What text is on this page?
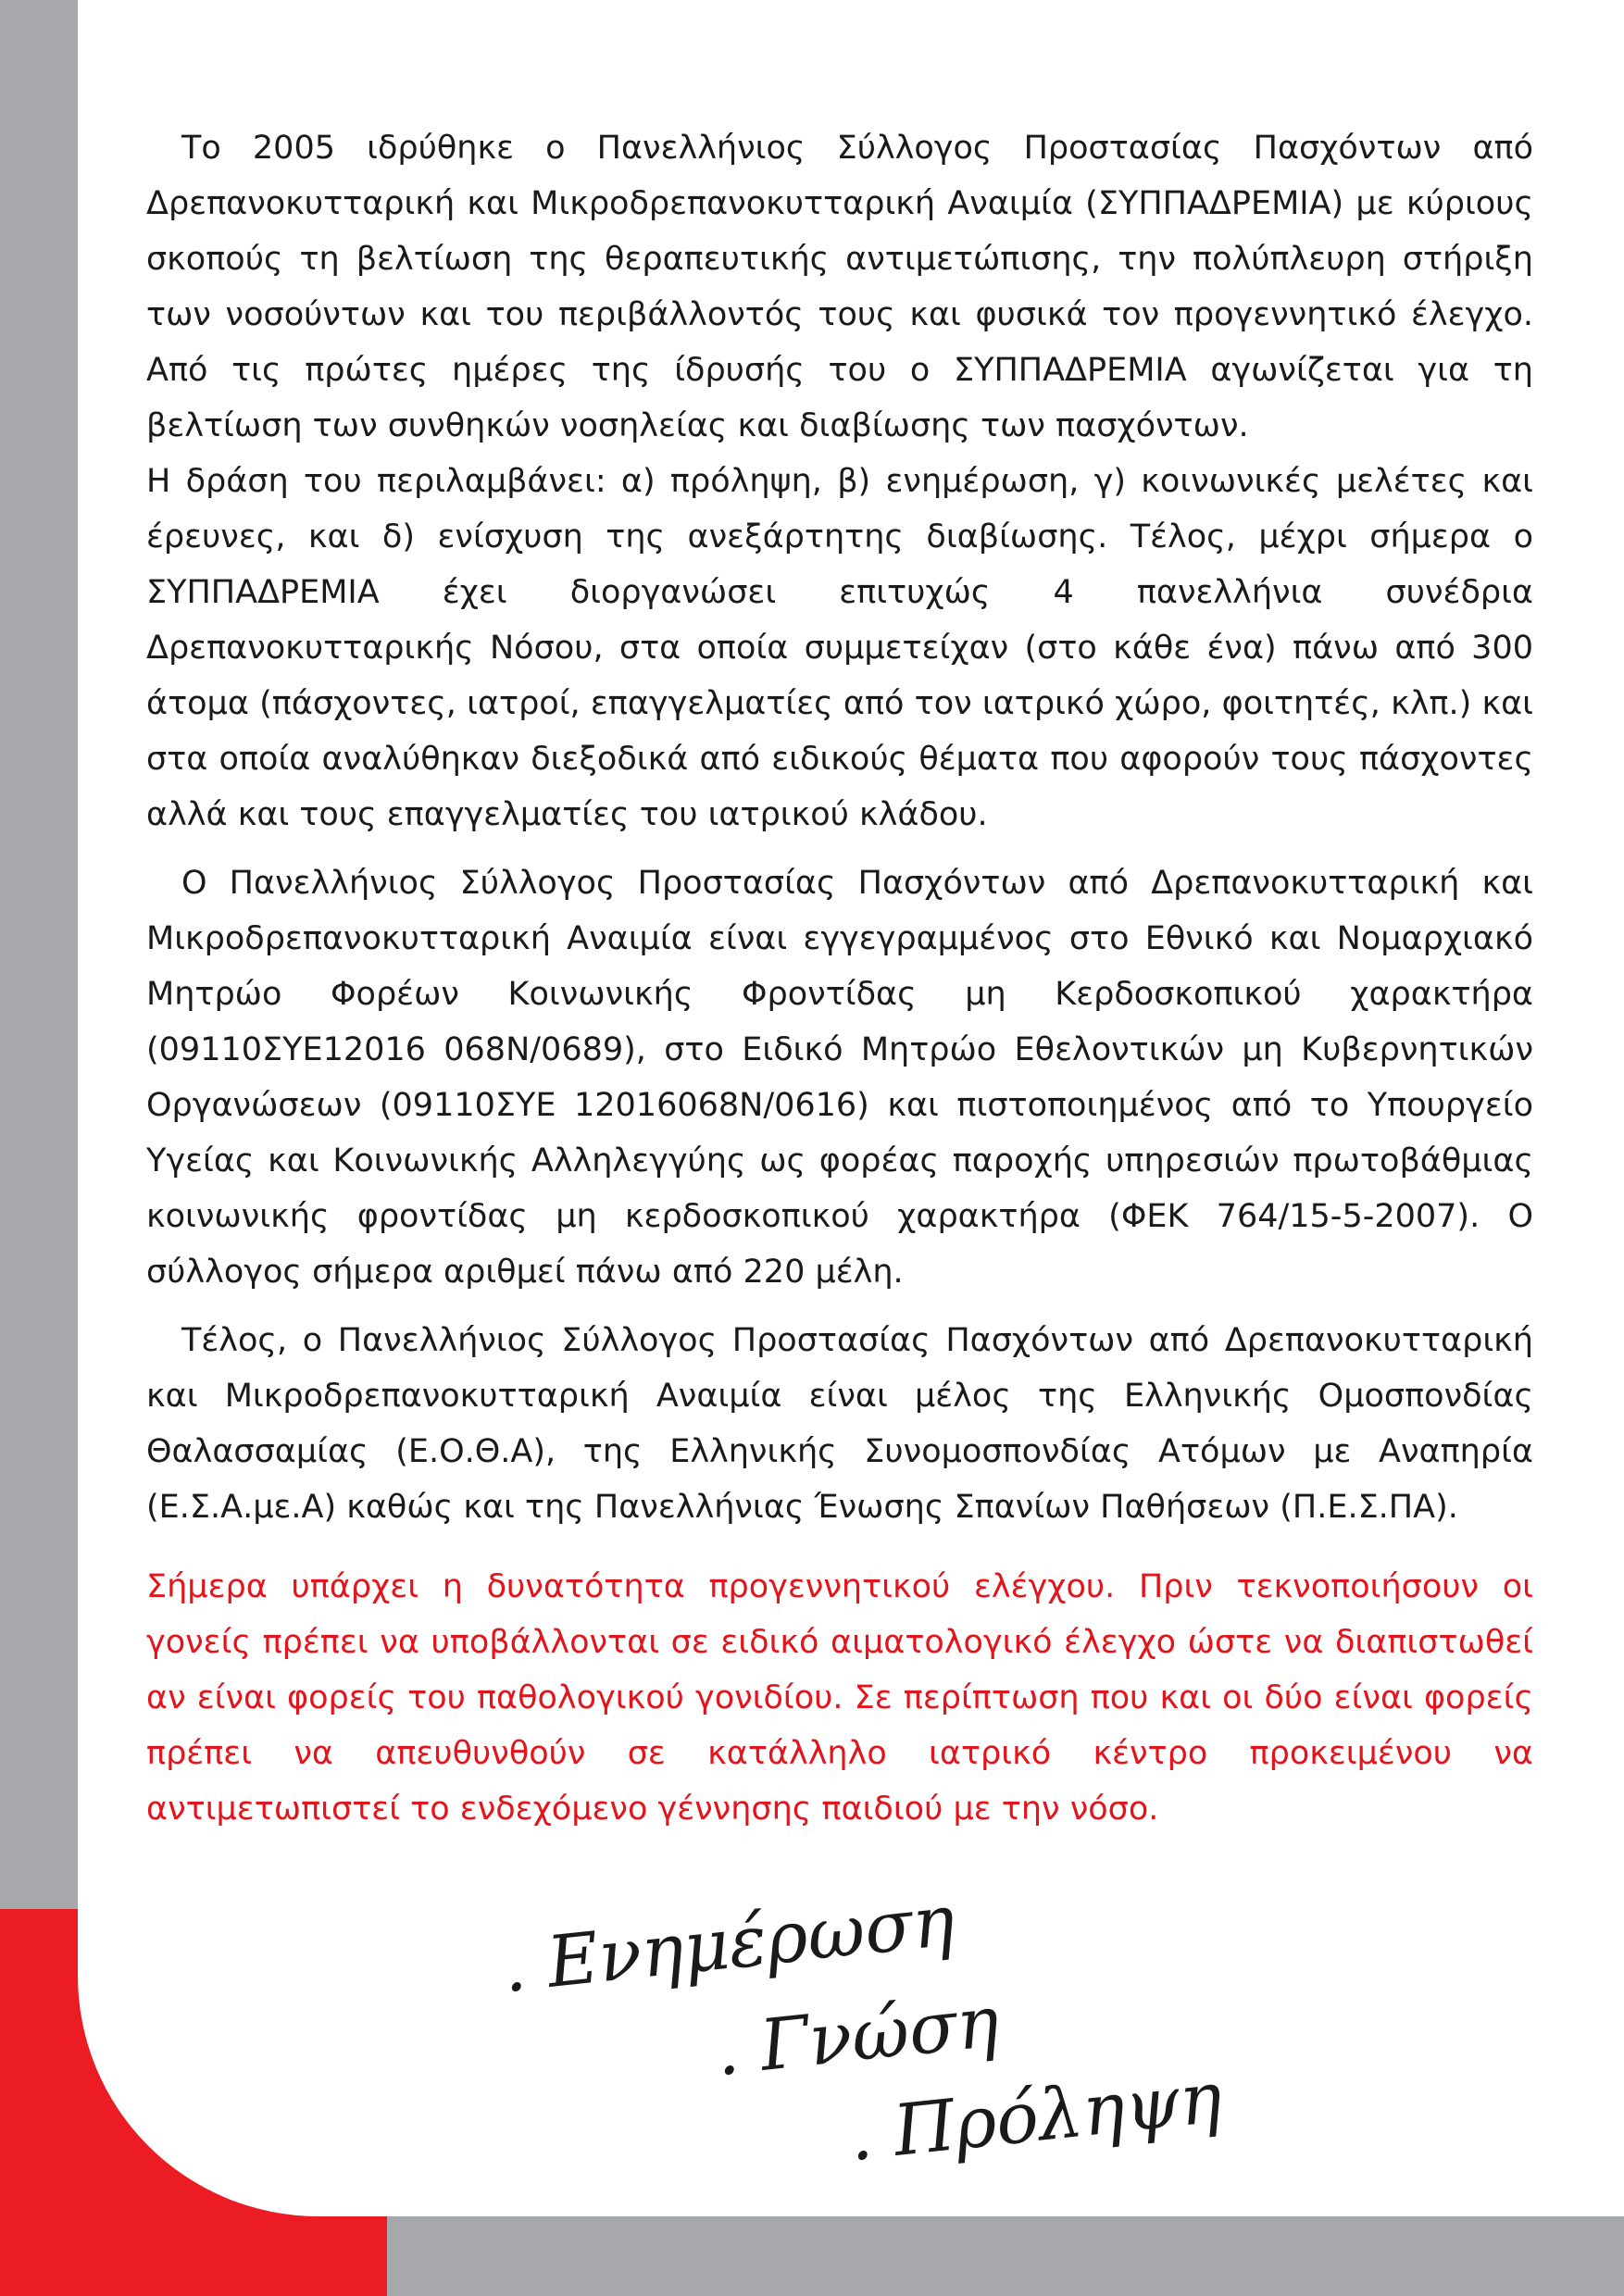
Το 2005 ιδρύθηκε ο Πανελλήνιος Σύλλογος Προστασίας Πασχόντων από Δρεπανοκυτταρική και Μικροδρεπανοκυτταρική Αναιμία (ΣΥΠΠΑΔΡΕΜΙΑ) με κύριους σκοπούς τη βελτίωση της θεραπευτικής αντιμετώπισης, την πολύπλευρη στήριξη των νοσούντων και του περιβάλλοντός τους και φυσικά τον προγεννητικό έλεγχο. Από τις πρώτες ημέρες της ίδρυσής του ο ΣΥΠΠΑΔΡΕΜΙΑ αγωνίζεται για τη βελτίωση των συνθηκών νοσηλείας και διαβίωσης των πασχόντων.

Η δράση του περιλαμβάνει: α) πρόληψη, β) ενημέρωση, γ) κοινωνικές μελέτες και έρευνες, και δ) ενίσχυση της ανεξάρτητης διαβίωσης. Τέλος, μέχρι σήμερα ο ΣΥΠΠΑΔΡΕΜΙΑ έχει διοργανώσει επιτυχώς 4 πανελλήνια συνέδρια Δρεπανοκυτταρικής Νόσου, στα οποία συμμετείχαν (στο κάθε ένα) πάνω από 300 άτομα (πάσχοντες, ιατροί, επαγγελματίες από τον ιατρικό χώρο, φοιτητές, κλπ.) και στα οποία αναλύθηκαν διεξοδικά από ειδικούς θέματα που αφορούν τους πάσχοντες αλλά και τους επαγγελματίες του ιατρικού κλάδου.

Ο Πανελλήνιος Σύλλογος Προστασίας Πασχόντων από Δρεπανοκυτταρική και Μικροδρεπανοκυτταρική Αναιμία είναι εγγεγραμμένος στο Εθνικό και Νομαρχιακό Μητρώο Φορέων Κοινωνικής Φροντίδας μη Κερδοσκοπικού χαρακτήρα (09110ΣΥΕ12016 068Ν/0689), στο Ειδικό Μητρώο Εθελοντικών μη Κυβερνητικών Οργανώσεων (09110ΣΥΕ 12016068Ν/0616) και πιστοποιημένος από το Υπουργείο Υγείας και Κοινωνικής Αλληλεγγύης ως φορέας παροχής υπηρεσιών πρωτοβάθμιας κοινωνικής φροντίδας μη κερδοσκοπικού χαρακτήρα (ΦΕΚ 764/15-5-2007). Ο σύλλογος σήμερα αριθμεί πάνω από 220 μέλη.

Τέλος, ο Πανελλήνιος Σύλλογος Προστασίας Πασχόντων από Δρεπανοκυτταρική και Μικροδρεπανοκυτταρική Αναιμία είναι μέλος της Ελληνικής Ομοσπονδίας Θαλασσαμίας (Ε.Ο.Θ.Α), της Ελληνικής Συνομοσπονδίας Ατόμων με Αναπηρία (Ε.Σ.Α.με.Α) καθώς και της Πανελλήνιας Ένωσης Σπανίων Παθήσεων (Π.Ε.Σ.ΠΑ).

Σήμερα υπάρχει η δυνατότητα προγεννητικού ελέγχου. Πριν τεκνοποιήσουν οι γονείς πρέπει να υποβάλλονται σε ειδικό αιματολογικό έλεγχο ώστε να διαπιστωθεί αν είναι φορείς του παθολογικού γονιδίου. Σε περίπτωση που και οι δύο είναι φορείς πρέπει να απευθυνθούν σε κατάλληλο ιατρικό κέντρο προκειμένου να αντιμετωπιστεί το ενδεχόμενο γέννησης παιδιού με την νόσο.

. Ενημέρωση
. Γνώση
. Πρόληψη
